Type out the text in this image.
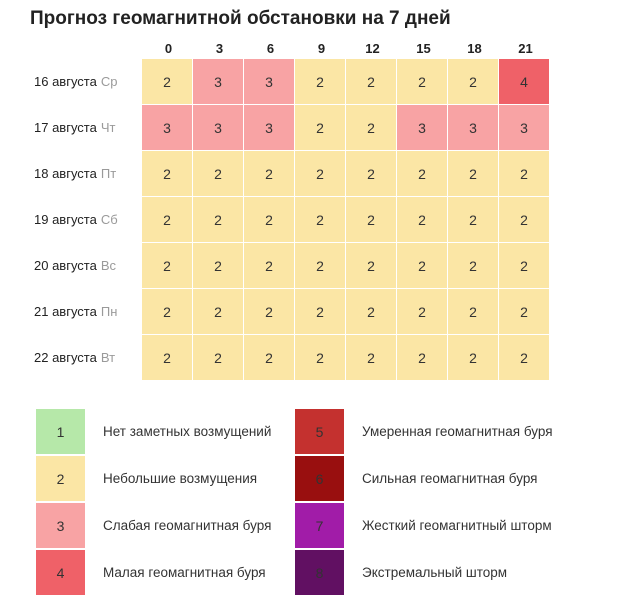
Прогноз геомагнитной обстановки на 7 дней
0	3	6	9	12	15	18	21
16 августа Ср	2	3	3	2	2	2	2	4
17 августа Чт	3	3	3	2	2	3	3	3
18 августа Пт	2	2	2	2	2	2	2	2
19 августа Сб	2	2	2	2	2	2	2	2
20 августа Вс	2	2	2	2	2	2	2	2
21 августа Пн	2	2	2	2	2	2	2	2
22 августа Вт	2	2	2	2	2	2	2	2
1	Нет заметных возмущений
2	Небольшие возмущения
3	Слабая геомагнитная буря
4	Малая геомагнитная буря
5	Умеренная геомагнитная буря
6	Сильная геомагнитная буря
7	Жесткий геомагнитный шторм
8	Экстремальный шторм
